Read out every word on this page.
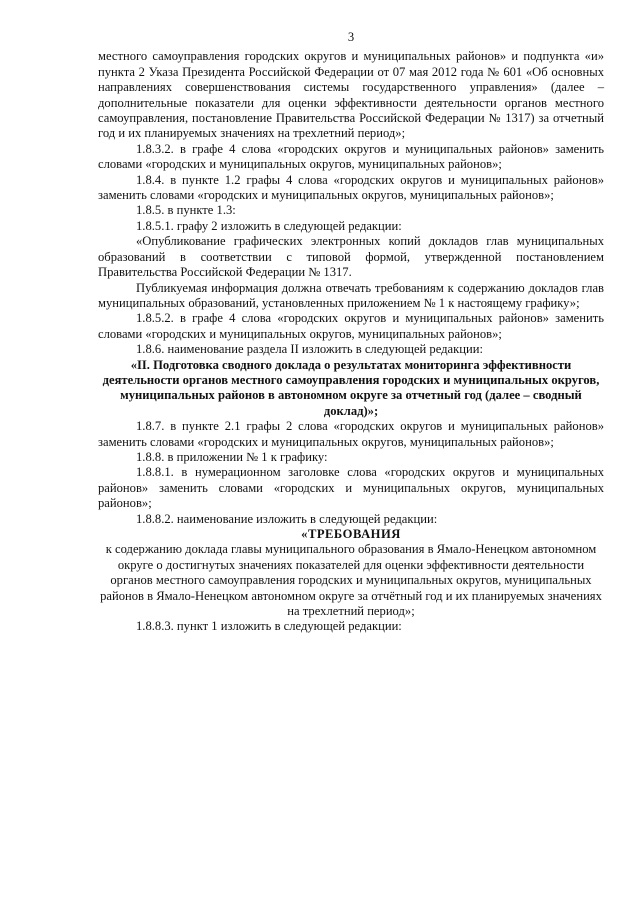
3

местного самоуправления городских округов и муниципальных районов» и подпункта «и» пункта 2 Указа Президента Российской Федерации от 07 мая 2012 года № 601 «Об основных направлениях совершенствования системы государственного управления» (далее – дополнительные показатели для оценки эффективности деятельности органов местного самоуправления, постановление Правительства Российской Федерации № 1317) за отчетный год и их планируемых значениях на трехлетний период»;

1.8.3.2. в графе 4 слова «городских округов и муниципальных районов» заменить словами «городских и муниципальных округов, муниципальных районов»;

1.8.4. в пункте 1.2 графы 4 слова «городских округов и муниципальных районов» заменить словами «городских и муниципальных округов, муниципальных районов»;

1.8.5. в пункте 1.3:

1.8.5.1. графу 2 изложить в следующей редакции:

«Опубликование графических электронных копий докладов глав муниципальных образований в соответствии с типовой формой, утвержденной постановлением Правительства Российской Федерации № 1317.

Публикуемая информация должна отвечать требованиям к содержанию докладов глав муниципальных образований, установленных приложением № 1 к настоящему графику»;

1.8.5.2. в графе 4 слова «городских округов и муниципальных районов» заменить словами «городских и муниципальных округов, муниципальных районов»;

1.8.6. наименование раздела II изложить в следующей редакции:

«II. Подготовка сводного доклада о результатах мониторинга эффективности деятельности органов местного самоуправления городских и муниципальных округов, муниципальных районов в автономном округе за отчетный год (далее – сводный доклад)»;

1.8.7. в пункте 2.1 графы 2 слова «городских округов и муниципальных районов» заменить словами «городских и муниципальных округов, муниципальных районов»;

1.8.8. в приложении № 1 к графику:

1.8.8.1. в нумерационном заголовке слова «городских округов и муниципальных районов» заменить словами «городских и муниципальных округов, муниципальных районов»;

1.8.8.2. наименование изложить в следующей редакции:

«ТРЕБОВАНИЯ

к содержанию доклада главы муниципального образования в Ямало-Ненецком автономном округе о достигнутых значениях показателей для оценки эффективности деятельности органов местного самоуправления городских и муниципальных округов, муниципальных районов в Ямало-Ненецком автономном округе за отчётный год и их планируемых значениях на трехлетний период»;

1.8.8.3. пункт 1 изложить в следующей редакции:
